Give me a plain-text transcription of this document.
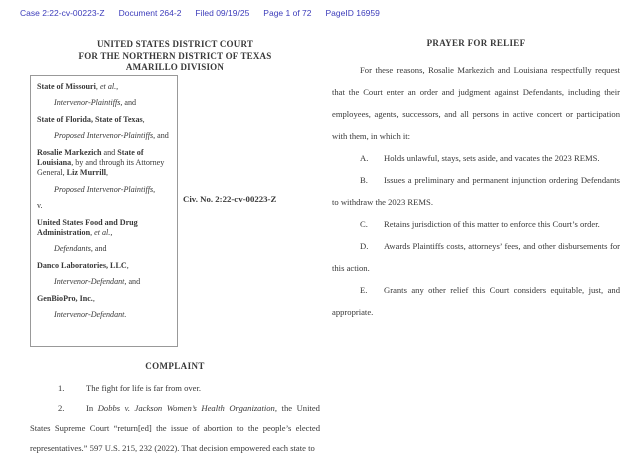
Case 2:22-cv-00223-Z Document 264-2 Filed 09/19/25 Page 1 of 72 PageID 16959
UNITED STATES DISTRICT COURT
FOR THE NORTHERN DISTRICT OF TEXAS
AMARILLO DIVISION
State of Missouri, et al.,
Intervenor-Plaintiffs, and
State of Florida, State of Texas,
Proposed Intervenor-Plaintiffs, and
Rosalie Markezich and State of Louisiana, by and through its Attorney General, Liz Murrill,
Proposed Intervenor-Plaintiffs,
v.
United States Food and Drug Administration, et al.,
Defendants, and
Danco Laboratories, LLC,
Intervenor-Defendant, and
GenBioPro, Inc.,
Intervenor-Defendant.
Civ. No. 2:22-cv-00223-Z
COMPLAINT

1.	The fight for life is far from over.

2.	In Dobbs v. Jackson Women’s Health Organization, the United States Supreme Court “return[ed] the issue of abortion to the people’s elected representatives.” 597 U.S. 215, 232 (2022). That decision empowered each state to

PRAYER FOR RELIEF

For these reasons, Rosalie Markezich and Louisiana respectfully request that the Court enter an order and judgment against Defendants, including their employees, agents, successors, and all persons in active concert or participation with them, in which it:

A. Holds unlawful, stays, sets aside, and vacates the 2023 REMS.

B. Issues a preliminary and permanent injunction ordering Defendants to withdraw the 2023 REMS.

C. Retains jurisdiction of this matter to enforce this Court’s order.

D. Awards Plaintiffs costs, attorneys’ fees, and other disbursements for this action.

E. Grants any other relief this Court considers equitable, just, and appropriate.
